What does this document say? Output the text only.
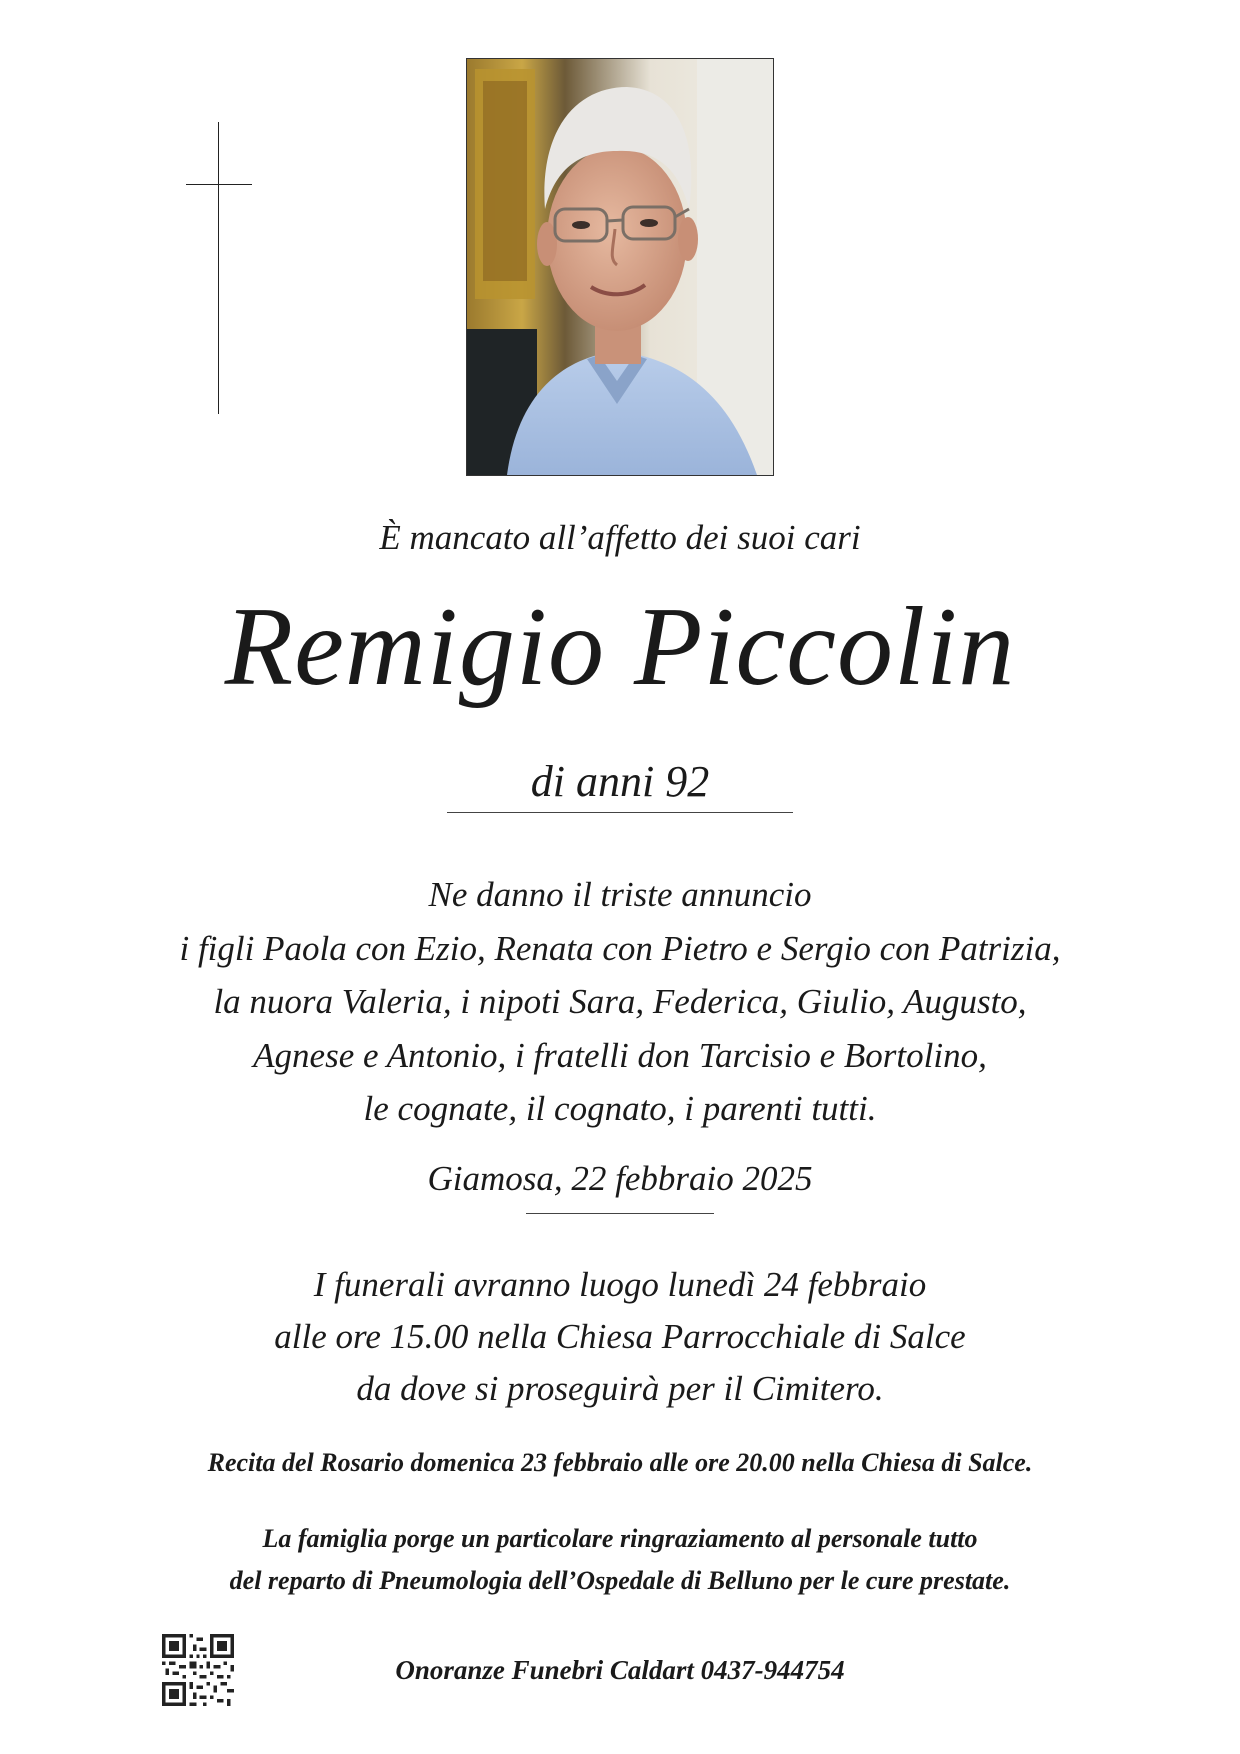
È mancato all’affetto dei suoi cari
Remigio Piccolin
di anni 92
Ne danno il triste annuncio
i figli Paola con Ezio, Renata con Pietro e Sergio con Patrizia,
la nuora Valeria, i nipoti Sara, Federica, Giulio, Augusto,
Agnese e Antonio, i fratelli don Tarcisio e Bortolino,
le cognate, il cognato, i parenti tutti.
Giamosa, 22 febbraio 2025
I funerali avranno luogo lunedì 24 febbraio
alle ore 15.00 nella Chiesa Parrocchiale di Salce
da dove si proseguirà per il Cimitero.
Recita del Rosario domenica 23 febbraio alle ore 20.00 nella Chiesa di Salce.
La famiglia porge un particolare ringraziamento al personale tutto
del reparto di Pneumologia dell’Ospedale di Belluno per le cure prestate.
Onoranze Funebri Caldart 0437-944754
